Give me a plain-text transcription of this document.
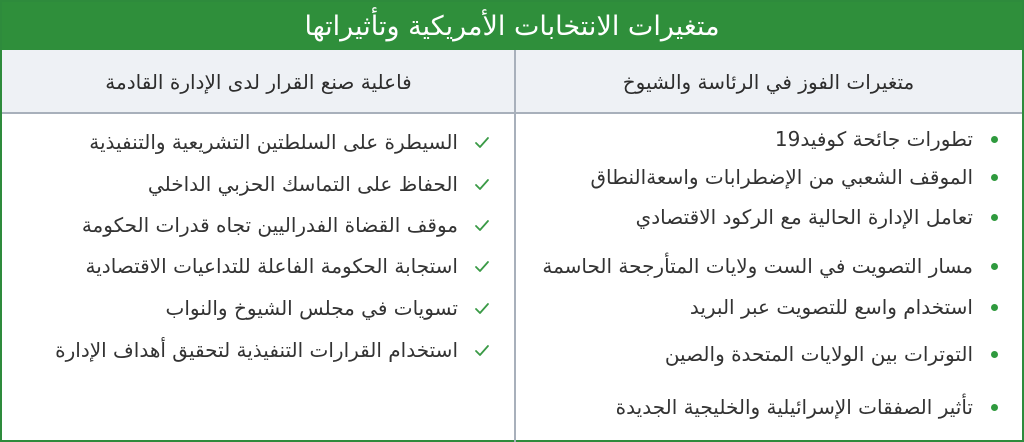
متغيرات الانتخابات الأمريكية وتأثيراتها
متغيرات الفوز في الرئاسة والشيوخ
فاعلية صنع القرار لدى الإدارة القادمة
تطورات جائحة كوفيد19
الموقف الشعبي من الإضطرابات واسعةالنطاق
تعامل الإدارة الحالية مع الركود الاقتصادي
مسار التصويت في الست ولايات المتأرجحة الحاسمة
استخدام واسع للتصويت عبر البريد
التوترات بين الولايات المتحدة والصين
تأثير الصفقات الإسرائيلية والخليجية الجديدة
السيطرة على السلطتين التشريعية والتنفيذية
الحفاظ على التماسك الحزبي الداخلي
موقف القضاة الفدراليين تجاه قدرات الحكومة
استجابة الحكومة الفاعلة للتداعيات الاقتصادية
تسويات في مجلس الشيوخ والنواب
استخدام القرارات التنفيذية لتحقيق أهداف الإدارة
